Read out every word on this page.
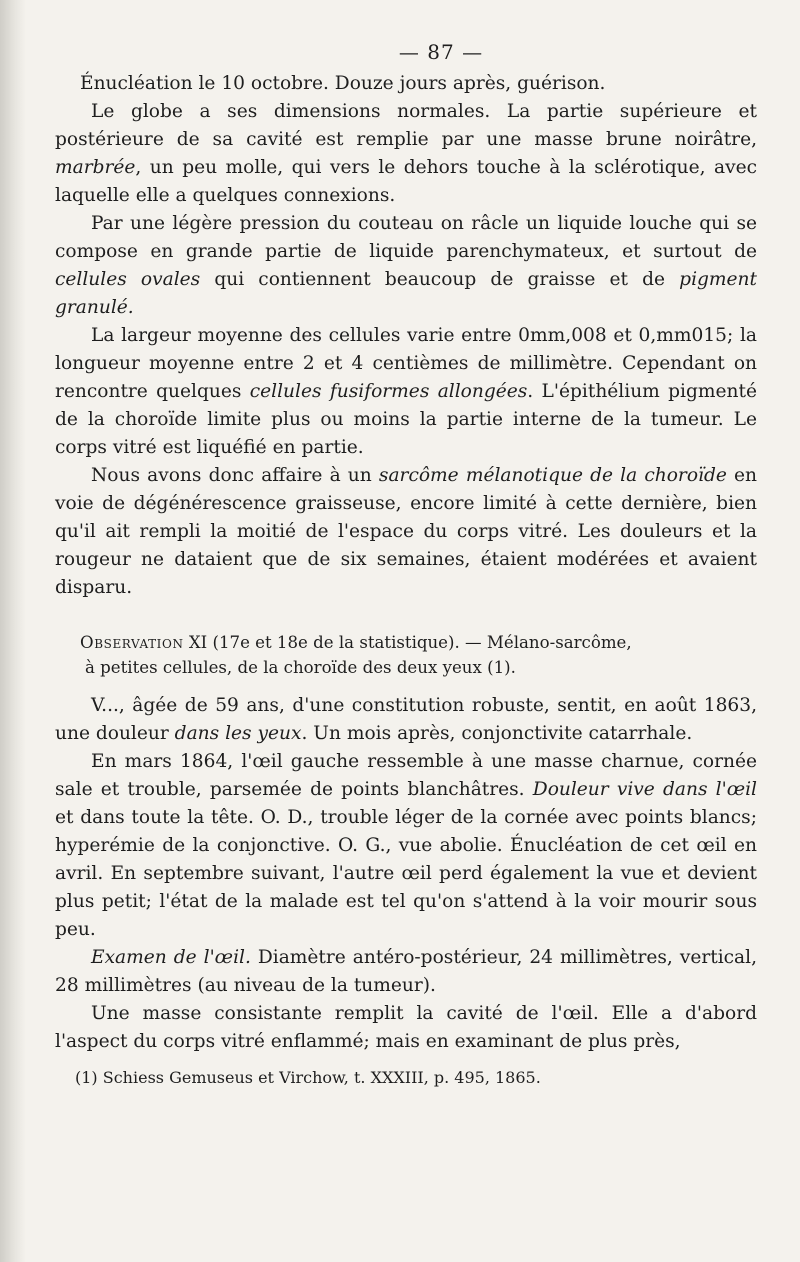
— 87 —

Énucléation le 10 octobre. Douze jours après, guérison.

Le globe a ses dimensions normales. La partie supérieure et postérieure de sa cavité est remplie par une masse brune noirâtre, marbrée, un peu molle, qui vers le dehors touche à la sclérotique, avec laquelle elle a quelques connexions.

Par une légère pression du couteau on râcle un liquide louche qui se compose en grande partie de liquide parenchymateux, et surtout de cellules ovales qui contiennent beaucoup de graisse et de pigment granulé.

La largeur moyenne des cellules varie entre 0mm,008 et 0,mm015; la longueur moyenne entre 2 et 4 centièmes de millimètre. Cependant on rencontre quelques cellules fusiformes allongées. L'épithélium pigmenté de la choroïde limite plus ou moins la partie interne de la tumeur. Le corps vitré est liquéfié en partie.

Nous avons donc affaire à un sarcôme mélanotique de la choroïde en voie de dégénérescence graisseuse, encore limité à cette dernière, bien qu'il ait rempli la moitié de l'espace du corps vitré. Les douleurs et la rougeur ne dataient que de six semaines, étaient modérées et avaient disparu.

Observation XI (17e et 18e de la statistique). — Mélano-sarcôme,

à petites cellules, de la choroïde des deux yeux (1).

V..., âgée de 59 ans, d'une constitution robuste, sentit, en août 1863, une douleur dans les yeux. Un mois après, conjonctivite catarrhale.

En mars 1864, l'œil gauche ressemble à une masse charnue, cornée sale et trouble, parsemée de points blanchâtres. Douleur vive dans l'œil et dans toute la tête. O. D., trouble léger de la cornée avec points blancs; hyperémie de la conjonctive. O. G., vue abolie. Énucléation de cet œil en avril. En septembre suivant, l'autre œil perd également la vue et devient plus petit; l'état de la malade est tel qu'on s'attend à la voir mourir sous peu.

Examen de l'œil. Diamètre antéro-postérieur, 24 millimètres, vertical, 28 millimètres (au niveau de la tumeur).

Une masse consistante remplit la cavité de l'œil. Elle a d'abord l'aspect du corps vitré enflammé; mais en examinant de plus près,

(1) Schiess Gemuseus et Virchow, t. XXXIII, p. 495, 1865.
